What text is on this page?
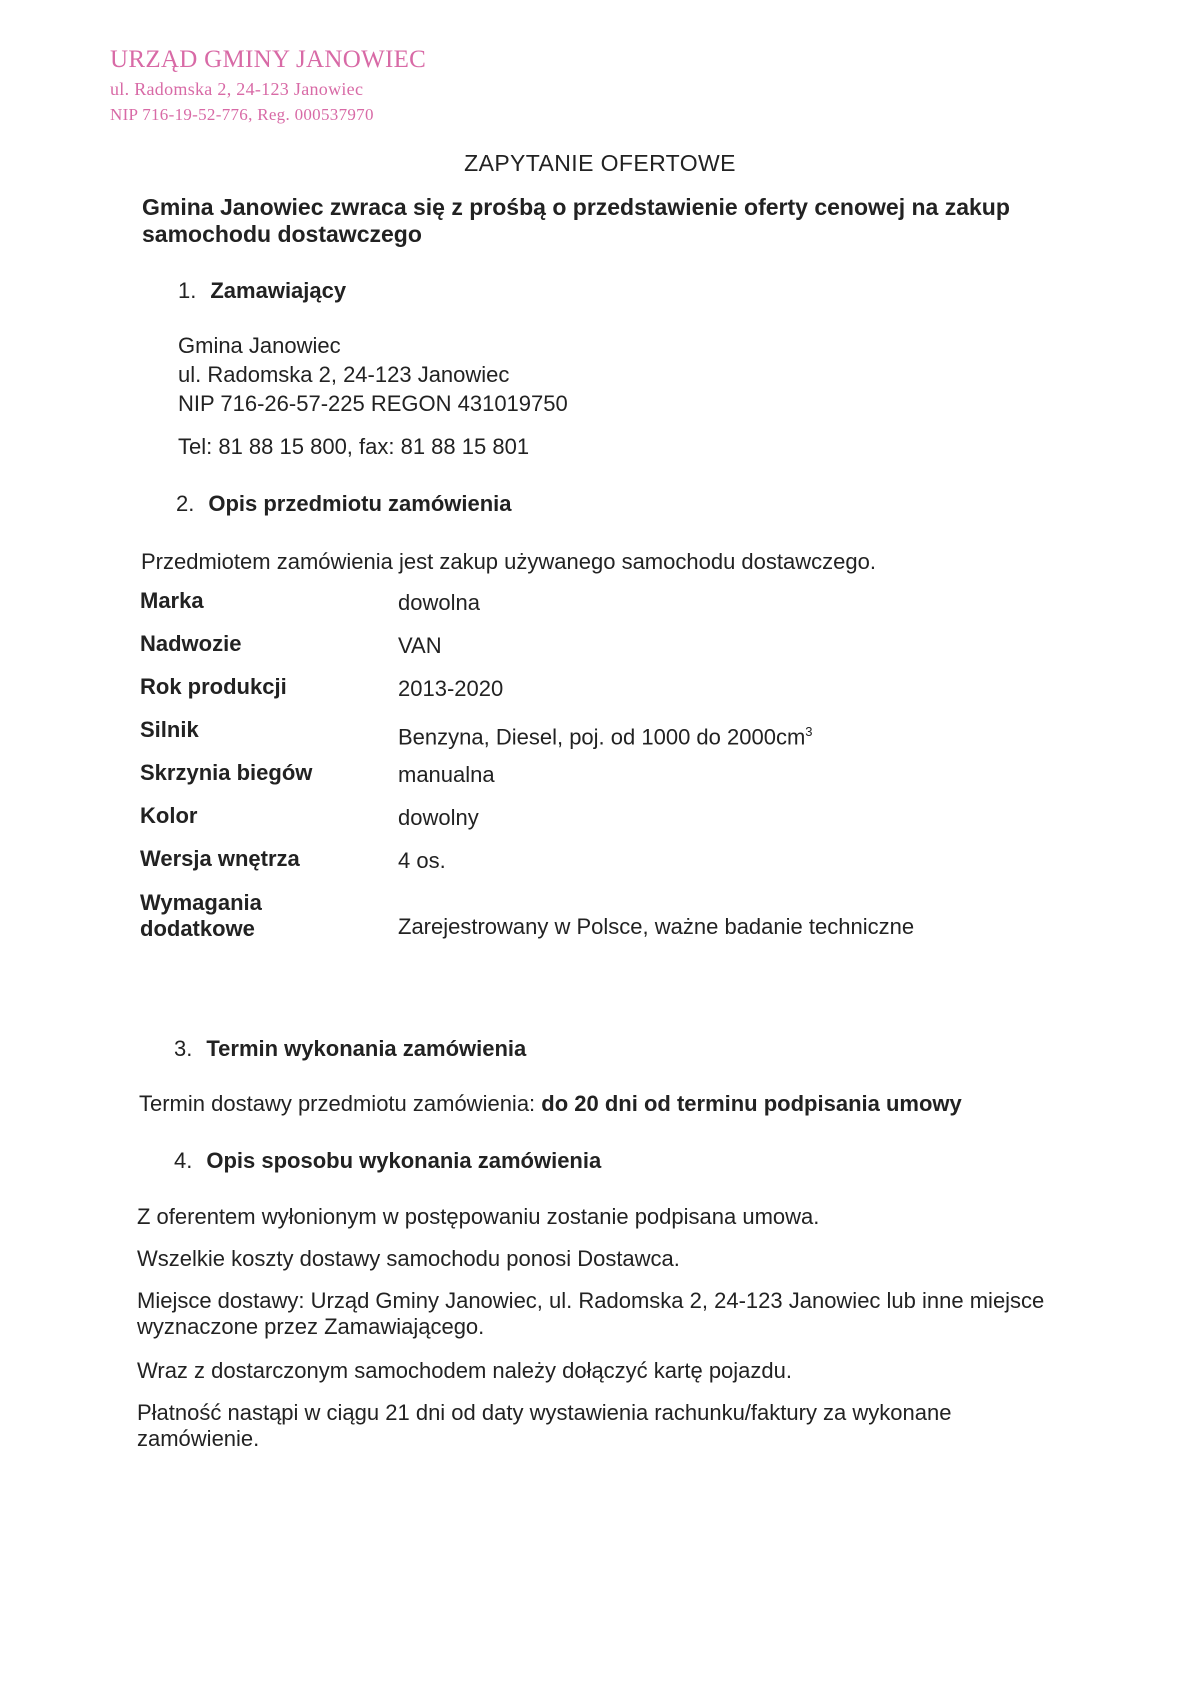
URZĄD GMINY JANOWIEC
ul. Radomska 2, 24-123 Janowiec
NIP 716-19-52-776, Reg. 000537970
ZAPYTANIE OFERTOWE
Gmina Janowiec zwraca się z prośbą o przedstawienie oferty cenowej na zakup samochodu dostawczego
1. Zamawiający
Gmina Janowiec
ul. Radomska 2, 24-123 Janowiec
NIP 716-26-57-225 REGON 431019750
Tel: 81 88 15 800, fax: 81 88 15 801
2. Opis przedmiotu zamówienia
Przedmiotem zamówienia jest zakup używanego samochodu dostawczego.
Marka	dowolna
Nadwozie	VAN
Rok produkcji	2013-2020
Silnik	Benzyna, Diesel, poj. od 1000 do $2000cm^3$
Skrzynia biegów	manualna
Kolor	dowolny
Wersja wnętrza	4 os.
Wymagania dodatkowe	Zarejestrowany w Polsce, ważne badanie techniczne
3. Termin wykonania zamówienia
Termin dostawy przedmiotu zamówienia: do 20 dni od terminu podpisania umowy
4. Opis sposobu wykonania zamówienia
Z oferentem wyłonionym w postępowaniu zostanie podpisana umowa.
Wszelkie koszty dostawy samochodu ponosi Dostawca.
Miejsce dostawy: Urząd Gminy Janowiec, ul. Radomska 2, 24-123 Janowiec lub inne miejsce wyznaczone przez Zamawiającego.
Wraz z dostarczonym samochodem należy dołączyć kartę pojazdu.
Płatność nastąpi w ciągu 21 dni od daty wystawienia rachunku/faktury za wykonane zamówienie.
